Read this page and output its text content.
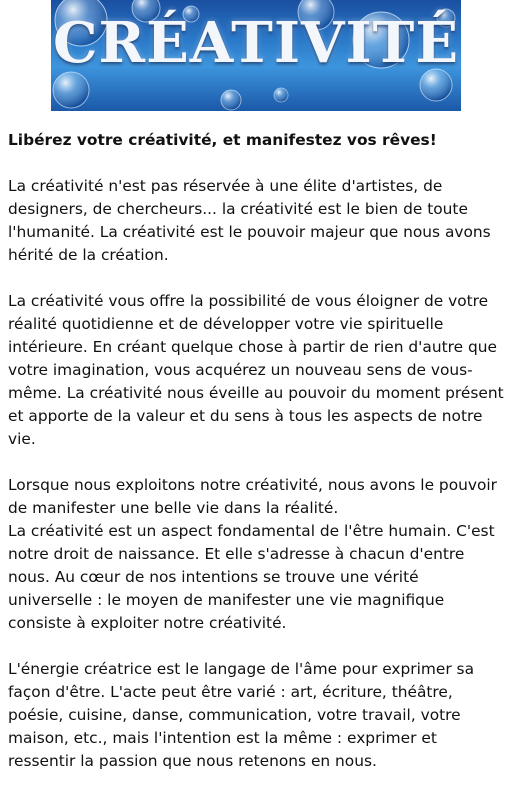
CRÉATIVITÉ

Libérez votre créativité, et manifestez vos rêves!

La créativité n'est pas réservée à une élite d'artistes, de designers, de chercheurs... la créativité est le bien de toute l'humanité. La créativité est le pouvoir majeur que nous avons hérité de la création.

La créativité vous offre la possibilité de vous éloigner de votre réalité quotidienne et de développer votre vie spirituelle intérieure. En créant quelque chose à partir de rien d'autre que votre imagination, vous acquérez un nouveau sens de vous-même. La créativité nous éveille au pouvoir du moment présent et apporte de la valeur et du sens à tous les aspects de notre vie.

Lorsque nous exploitons notre créativité, nous avons le pouvoir de manifester une belle vie dans la réalité.

La créativité est un aspect fondamental de l'être humain. C'est notre droit de naissance. Et elle s'adresse à chacun d'entre nous. Au cœur de nos intentions se trouve une vérité universelle : le moyen de manifester une vie magnifique consiste à exploiter notre créativité.

L'énergie créatrice est le langage de l'âme pour exprimer sa façon d'être. L'acte peut être varié : art, écriture, théâtre, poésie, cuisine, danse, communication, votre travail, votre maison, etc., mais l'intention est la même : exprimer et ressentir la passion que nous retenons en nous.
